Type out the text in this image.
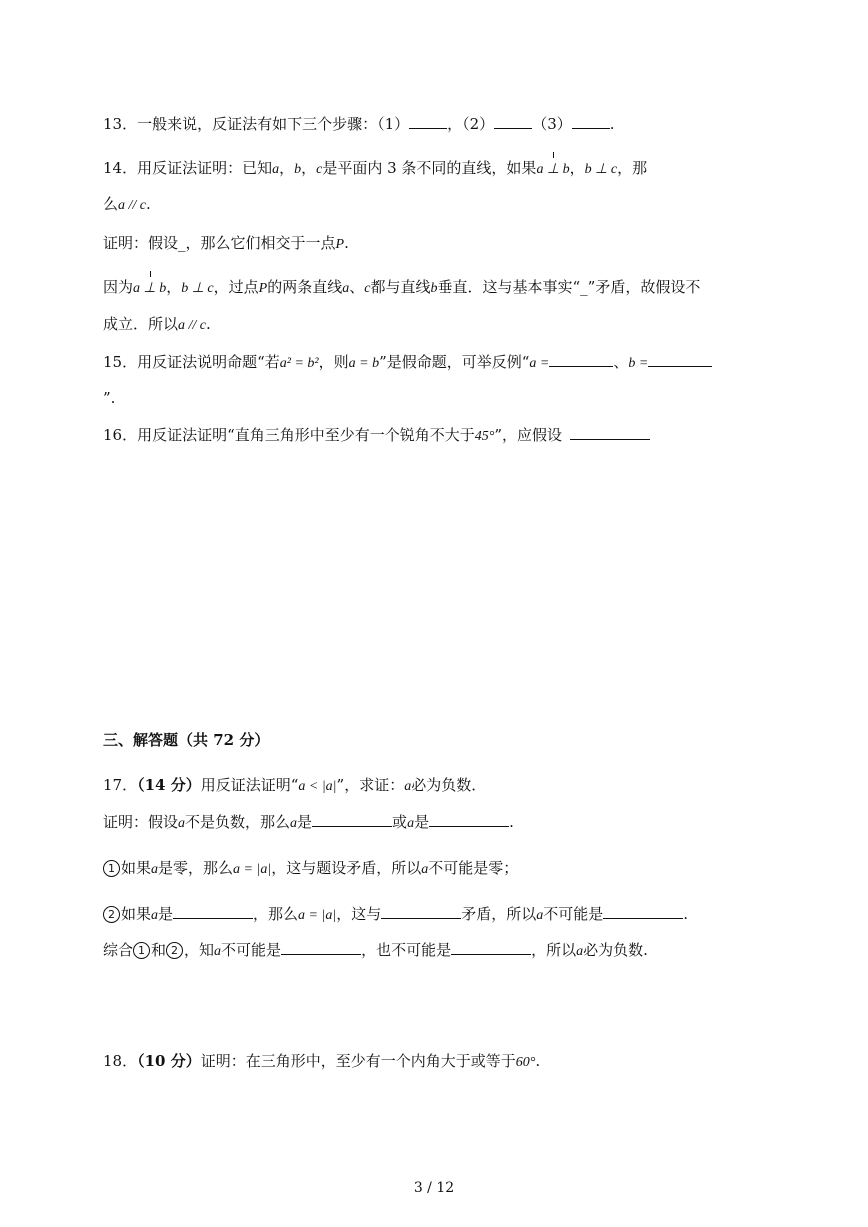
13．一般来说，反证法有如下三个步骤：（1）	，（2）	（3）	.
14．用反证法证明：已知a，b，c是平面内 3 条不同的直线，如果a ⊥ b，b ⊥ c，那
么a // c.
证明：假设_，那么它们相交于一点P.
因为a ⊥ b，b ⊥ c，过点P的两条直线a、c都与直线b垂直．这与基本事实“_”矛盾，故假设不
成立．所以a // c.
15．用反证法说明命题“若a² = b²，则a = b”是假命题，可举反例“a =	、b =
”.
16．用反证法证明“直角三角形中至少有一个锐角不大于45°”，应假设
三、解答题（共 72 分）
17．（14 分）用反证法证明“a < |a|”，求证：a必为负数．
证明：假设a不是负数，那么a是	或a是	.
1 如果a是零，那么a = |a|，这与题设矛盾，所以a不可能是零；
2 如果a是	，那么a = |a|，这与	矛盾，所以a不可能是	.
综合 1 和 2 ，知a不可能是	，也不可能是	，所以a必为负数.
18．（10 分）证明：在三角形中，至少有一个内角大于或等于60°.
3 / 12
